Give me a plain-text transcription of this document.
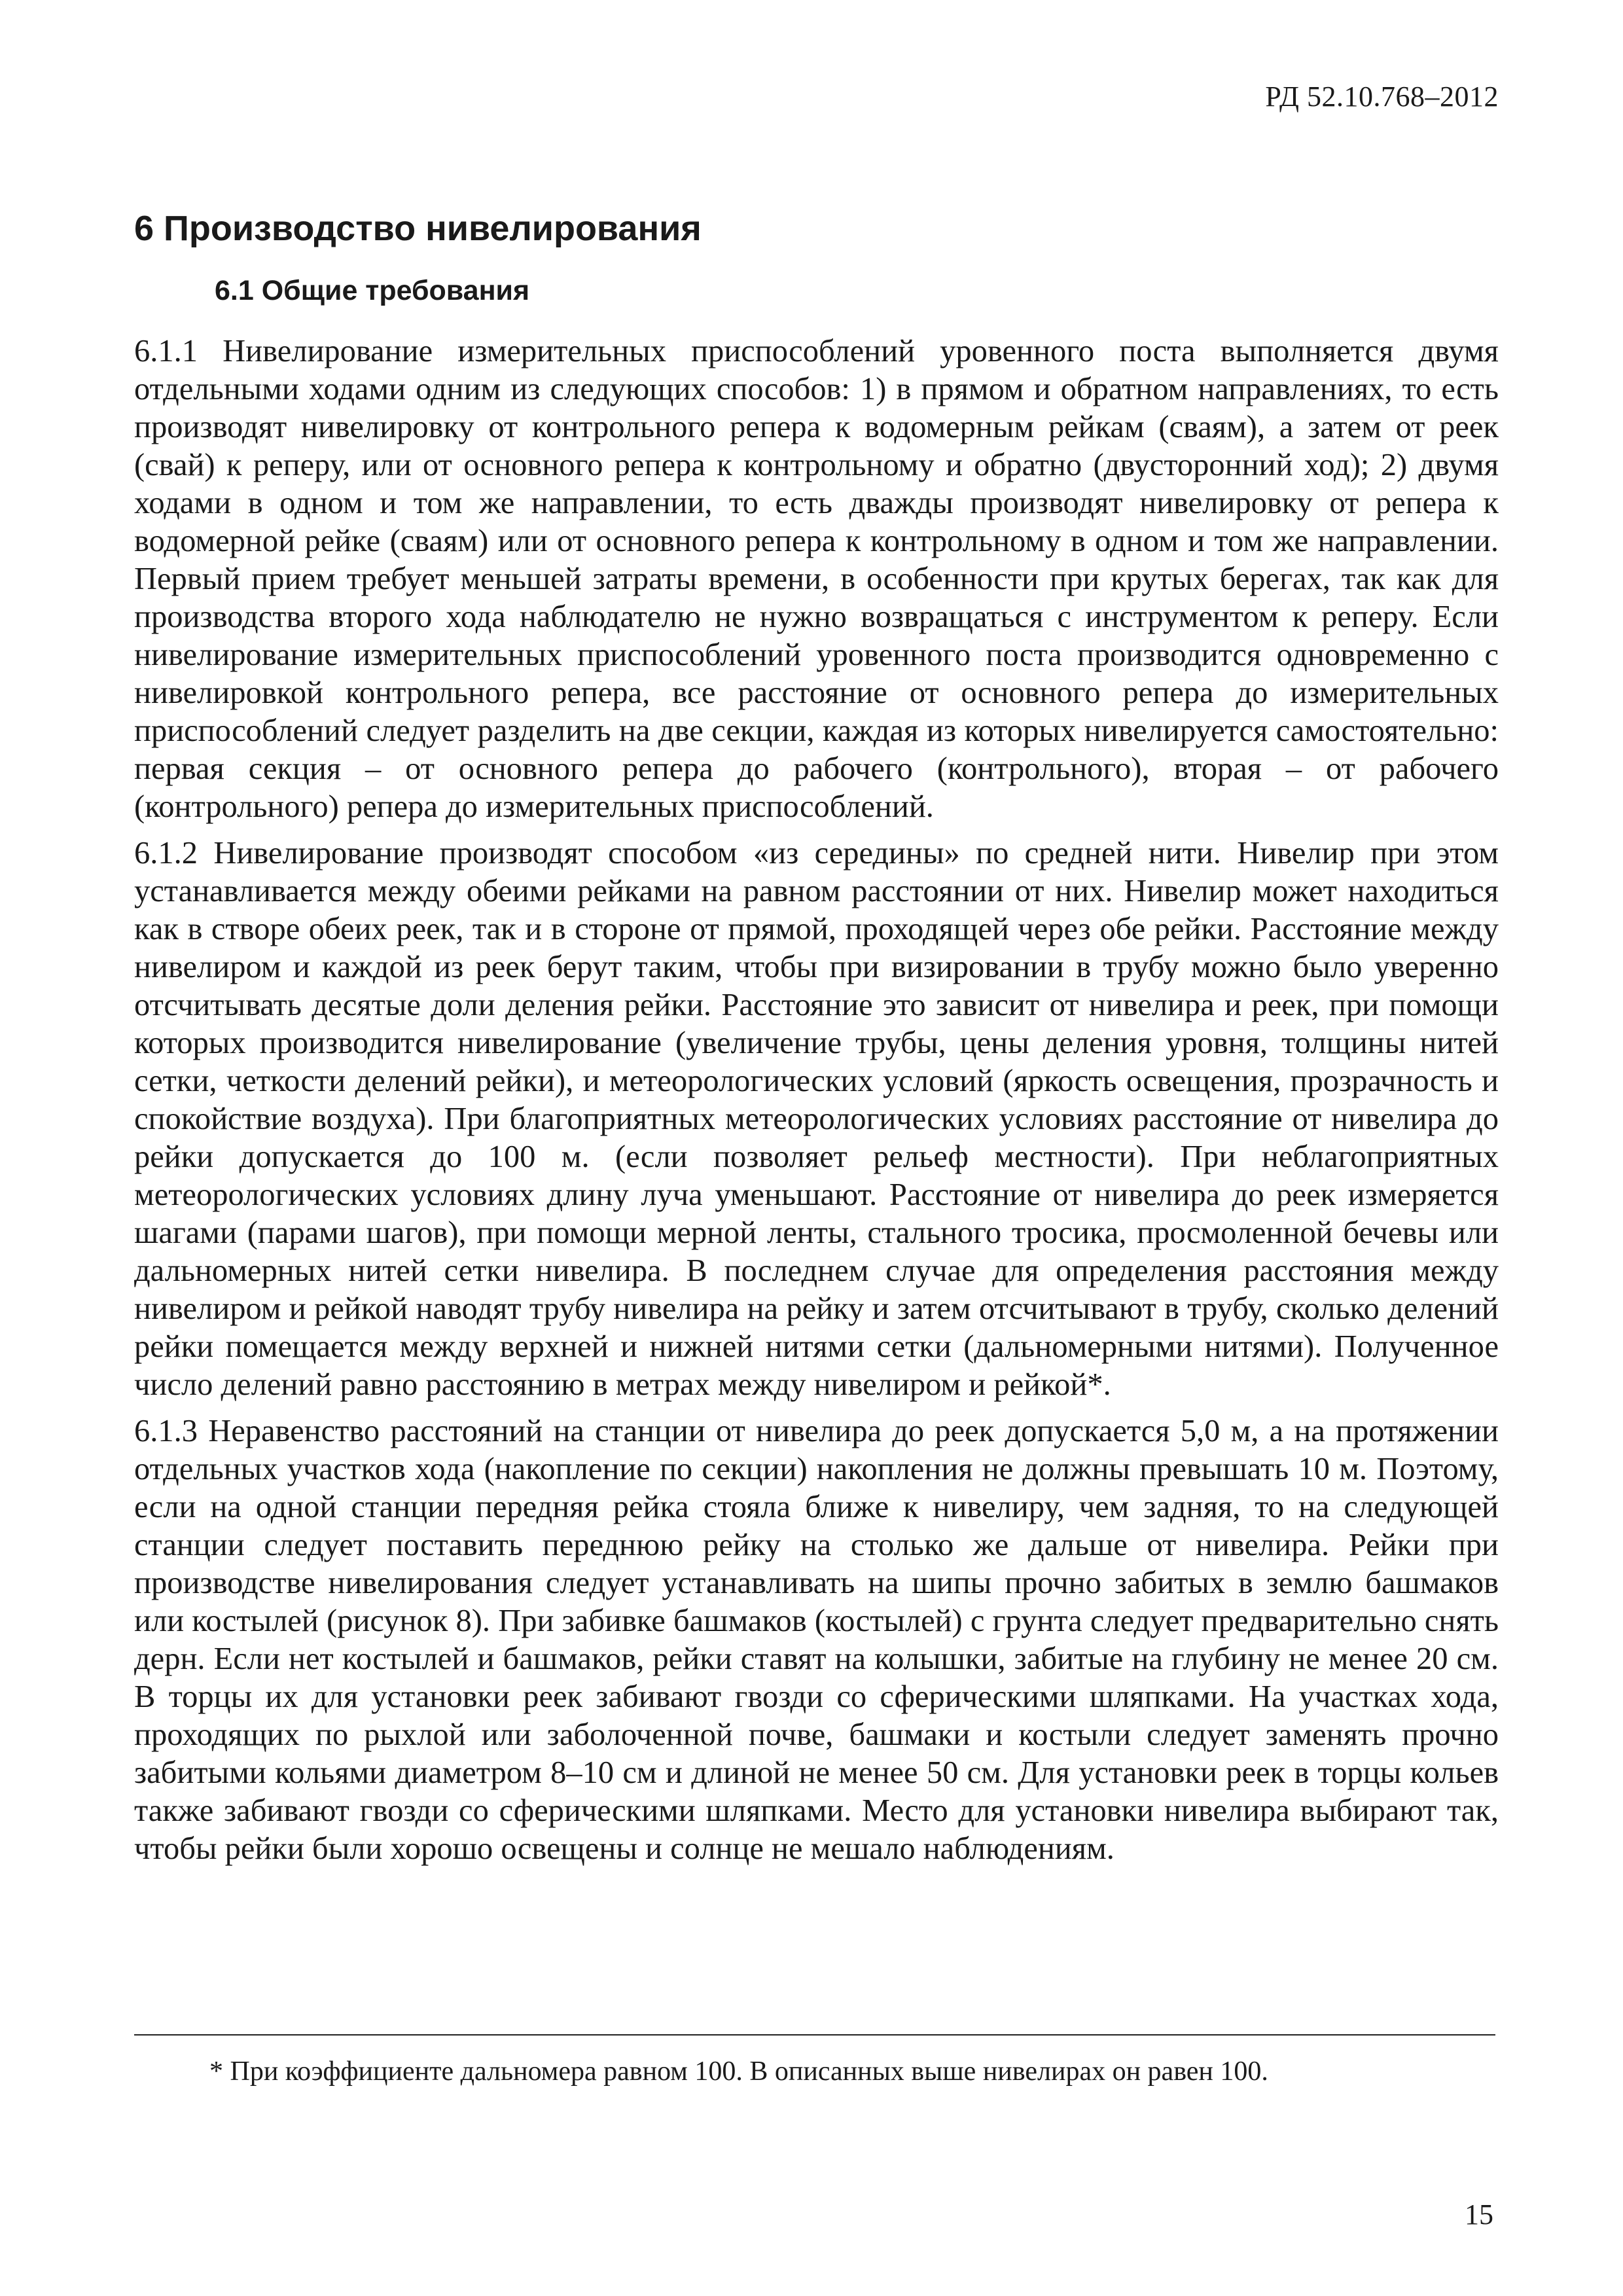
РД 52.10.768–2012
6 Производство нивелирования
6.1 Общие требования

6.1.1 Нивелирование измерительных приспособлений уровенного поста выполняется двумя отдельными ходами одним из следующих способов: 1) в прямом и обратном направлениях, то есть производят нивелировку от контрольного репера к водомерным рейкам (сваям), а затем от реек (свай) к реперу, или от основного репера к контрольному и обратно (двусторонний ход); 2) двумя ходами в одном и том же направлении, то есть дважды производят нивелировку от репера к водомерной рейке (сваям) или от основного репера к контрольному в одном и том же направлении. Первый прием требует меньшей затраты времени, в особенности при крутых берегах, так как для производства второго хода наблюдателю не нужно возвращаться с инструментом к реперу. Если нивелирование измерительных приспособлений уровенного поста производится одновременно с нивелировкой контрольного репера, все расстояние от основного репера до измерительных приспособлений следует разделить на две секции, каждая из которых нивелируется самостоятельно: первая секция – от основного репера до рабочего (контрольного), вторая – от рабочего (контрольного) репера до измерительных приспособлений.

6.1.2 Нивелирование производят способом «из середины» по средней нити. Нивелир при этом устанавливается между обеими рейками на равном расстоянии от них. Нивелир может находиться как в створе обеих реек, так и в стороне от прямой, проходящей через обе рейки. Расстояние между нивелиром и каждой из реек берут таким, чтобы при визировании в трубу можно было уверенно отсчитывать десятые доли деления рейки. Расстояние это зависит от нивелира и реек, при помощи которых производится нивелирование (увеличение трубы, цены деления уровня, толщины нитей сетки, четкости делений рейки), и метеорологических условий (яркость освещения, прозрачность и спокойствие воздуха). При благоприятных метеорологических условиях расстояние от нивелира до рейки допускается до 100 м. (если позволяет рельеф местности). При неблагоприятных метеорологических условиях длину луча уменьшают. Расстояние от нивелира до реек измеряется шагами (парами шагов), при помощи мерной ленты, стального тросика, просмоленной бечевы или дальномерных нитей сетки нивелира. В последнем случае для определения расстояния между нивелиром и рейкой наводят трубу нивелира на рейку и затем отсчитывают в трубу, сколько делений рейки помещается между верхней и нижней нитями сетки (дальномерными нитями). Полученное число делений равно расстоянию в метрах между нивелиром и рейкой*.

6.1.3 Неравенство расстояний на станции от нивелира до реек допускается 5,0 м, а на протяжении отдельных участков хода (накопление по секции) накопления не должны превышать 10 м. Поэтому, если на одной станции передняя рейка стояла ближе к нивелиру, чем задняя, то на следующей станции следует поставить переднюю рейку на столько же дальше от нивелира. Рейки при производстве нивелирования следует устанавливать на шипы прочно забитых в землю башмаков или костылей (рисунок 8). При забивке башмаков (костылей) с грунта следует предварительно снять дерн. Если нет костылей и башмаков, рейки ставят на колышки, забитые на глубину не менее 20 см. В торцы их для установки реек забивают гвозди со сферическими шляпками. На участках хода, проходящих по рыхлой или заболоченной почве, башмаки и костыли следует заменять прочно забитыми кольями диаметром 8–10 см и длиной не менее 50 см. Для установки реек в торцы кольев также забивают гвозди со сферическими шляпками. Место для установки нивелира выбирают так, чтобы рейки были хорошо освещены и солнце не мешало наблюдениям.

* При коэффициенте дальномера равном 100. В описанных выше нивелирах он равен 100.
15
